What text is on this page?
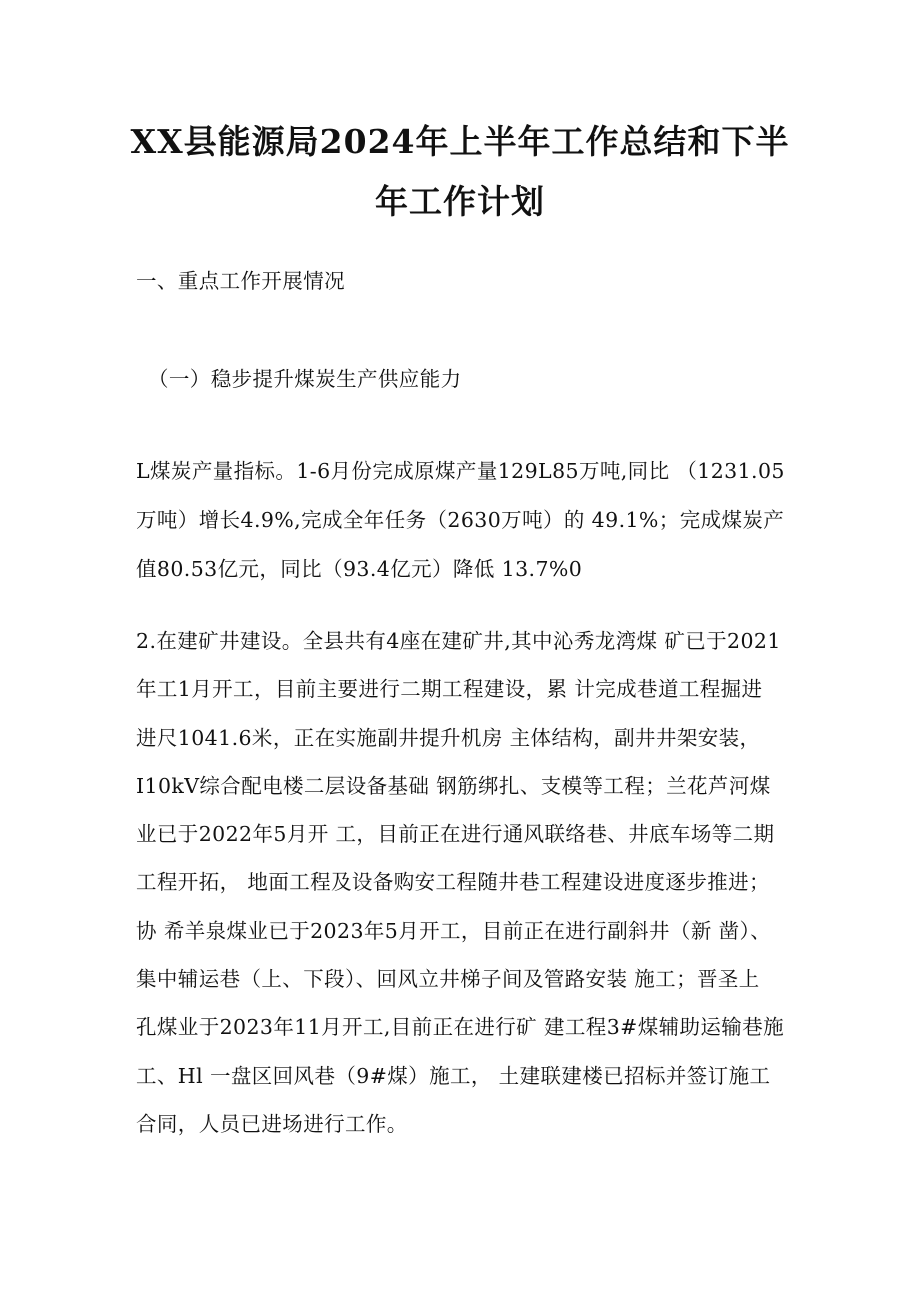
XX县能源局2024年上半年工作总结和下半
年工作计划
一、重点工作开展情况
（一）稳步提升煤炭生产供应能力
L煤炭产量指标。1-6月份完成原煤产量129L85万吨,同比 （1231.05
万吨）增长4.9%,完成全年任务（2630万吨）的 49.1%；完成煤炭产
值80.53亿元，同比（93.4亿元）降低 13.7%0
2.在建矿井建设。全县共有4座在建矿井,其中沁秀龙湾煤 矿已于2021
年工1月开工，目前主要进行二期工程建设，累 计完成巷道工程掘进
进尺1041.6米，正在实施副井提升机房 主体结构，副井井架安装，
I10kV综合配电楼二层设备基础 钢筋绑扎、支模等工程；兰花芦河煤
业已于2022年5月开 工，目前正在进行通风联络巷、井底车场等二期
工程开拓， 地面工程及设备购安工程随井巷工程建设进度逐步推进；
协 希羊泉煤业已于2023年5月开工，目前正在进行副斜井（新 凿）、
集中辅运巷（上、下段）、回风立井梯子间及管路安装 施工；晋圣上
孔煤业于2023年11月开工,目前正在进行矿 建工程3#煤辅助运输巷施
工、Hl 一盘区回风巷（9#煤）施工， 土建联建楼已招标并签订施工
合同，人员已进场进行工作。
